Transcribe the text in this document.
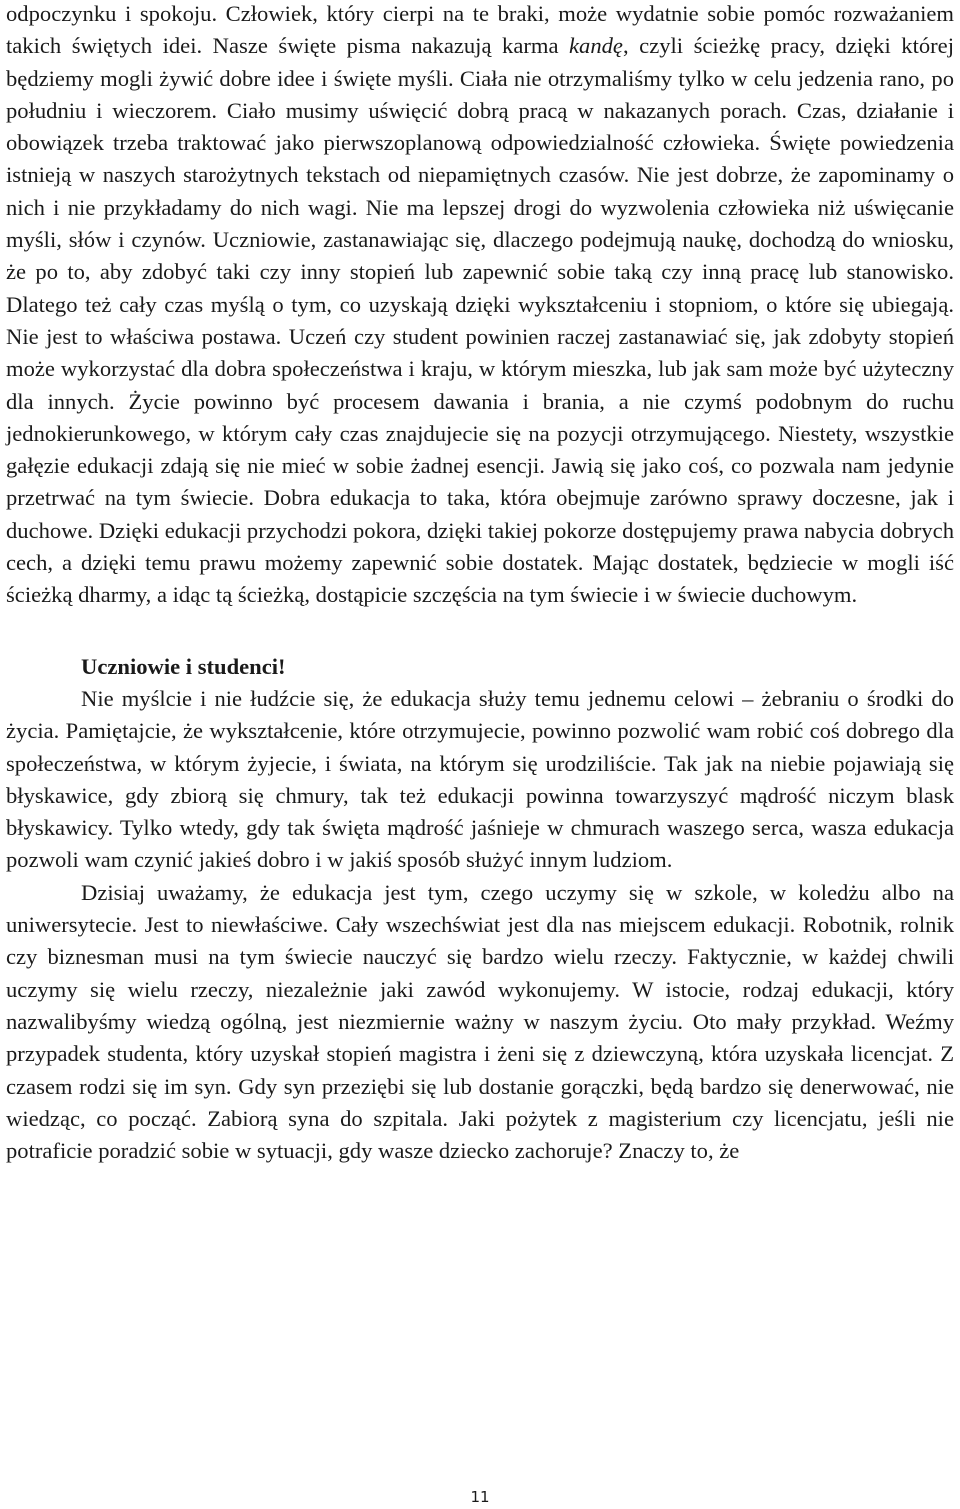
odpoczynku i spokoju. Człowiek, który cierpi na te braki, może wydatnie sobie pomóc rozważaniem takich świętych idei. Nasze święte pisma nakazują karma kandę, czyli ścieżkę pracy, dzięki której będziemy mogli żywić dobre idee i święte myśli. Ciała nie otrzymaliśmy tylko w celu jedzenia rano, po południu i wieczorem. Ciało musimy uświęcić dobrą pracą w nakazanych porach. Czas, działanie i obowiązek trzeba traktować jako pierwszoplanową odpowiedzialność człowieka. Święte powiedzenia istnieją w naszych starożytnych tekstach od niepamiętnych czasów. Nie jest dobrze, że zapominamy o nich i nie przykładamy do nich wagi. Nie ma lepszej drogi do wyzwolenia człowieka niż uświęcanie myśli, słów i czynów. Uczniowie, zastanawiając się, dlaczego podejmują naukę, dochodzą do wniosku, że po to, aby zdobyć taki czy inny stopień lub zapewnić sobie taką czy inną pracę lub stanowisko. Dlatego też cały czas myślą o tym, co uzyskają dzięki wykształceniu i stopniom, o które się ubiegają. Nie jest to właściwa postawa. Uczeń czy student powinien raczej zastanawiać się, jak zdobyty stopień może wykorzystać dla dobra społeczeństwa i kraju, w którym mieszka, lub jak sam może być użyteczny dla innych. Życie powinno być procesem dawania i brania, a nie czymś podobnym do ruchu jednokierunkowego, w którym cały czas znajdujecie się na pozycji otrzymującego. Niestety, wszystkie gałęzie edukacji zdają się nie mieć w sobie żadnej esencji. Jawią się jako coś, co pozwala nam jedynie przetrwać na tym świecie. Dobra edukacja to taka, która obejmuje zarówno sprawy doczesne, jak i duchowe. Dzięki edukacji przychodzi pokora, dzięki takiej pokorze dostępujemy prawa nabycia dobrych cech, a dzięki temu prawu możemy zapewnić sobie dostatek. Mając dostatek, będziecie w mogli iść ścieżką dharmy, a idąc tą ścieżką, dostąpicie szczęścia na tym świecie i w świecie duchowym.

Uczniowie i studenci!

Nie myślcie i nie łudźcie się, że edukacja służy temu jednemu celowi – żebraniu o środki do życia. Pamiętajcie, że wykształcenie, które otrzymujecie, powinno pozwolić wam robić coś dobrego dla społeczeństwa, w którym żyjecie, i świata, na którym się urodziliście. Tak jak na niebie pojawiają się błyskawice, gdy zbiorą się chmury, tak też edukacji powinna towarzyszyć mądrość niczym blask błyskawicy. Tylko wtedy, gdy tak święta mądrość jaśnieje w chmurach waszego serca, wasza edukacja pozwoli wam czynić jakieś dobro i w jakiś sposób służyć innym ludziom.

Dzisiaj uważamy, że edukacja jest tym, czego uczymy się w szkole, w koledżu albo na uniwersytecie. Jest to niewłaściwe. Cały wszechświat jest dla nas miejscem edukacji. Robotnik, rolnik czy biznesman musi na tym świecie nauczyć się bardzo wielu rzeczy. Faktycznie, w każdej chwili uczymy się wielu rzeczy, niezależnie jaki zawód wykonujemy. W istocie, rodzaj edukacji, który nazwalibyśmy wiedzą ogólną, jest niezmiernie ważny w naszym życiu. Oto mały przykład. Weźmy przypadek studenta, który uzyskał stopień magistra i żeni się z dziewczyną, która uzyskała licencjat. Z czasem rodzi się im syn. Gdy syn przeziębi się lub dostanie gorączki, będą bardzo się denerwować, nie wiedząc, co począć. Zabiorą syna do szpitala. Jaki pożytek z magisterium czy licencjatu, jeśli nie potraficie poradzić sobie w sytuacji, gdy wasze dziecko zachoruje? Znaczy to, że

11
